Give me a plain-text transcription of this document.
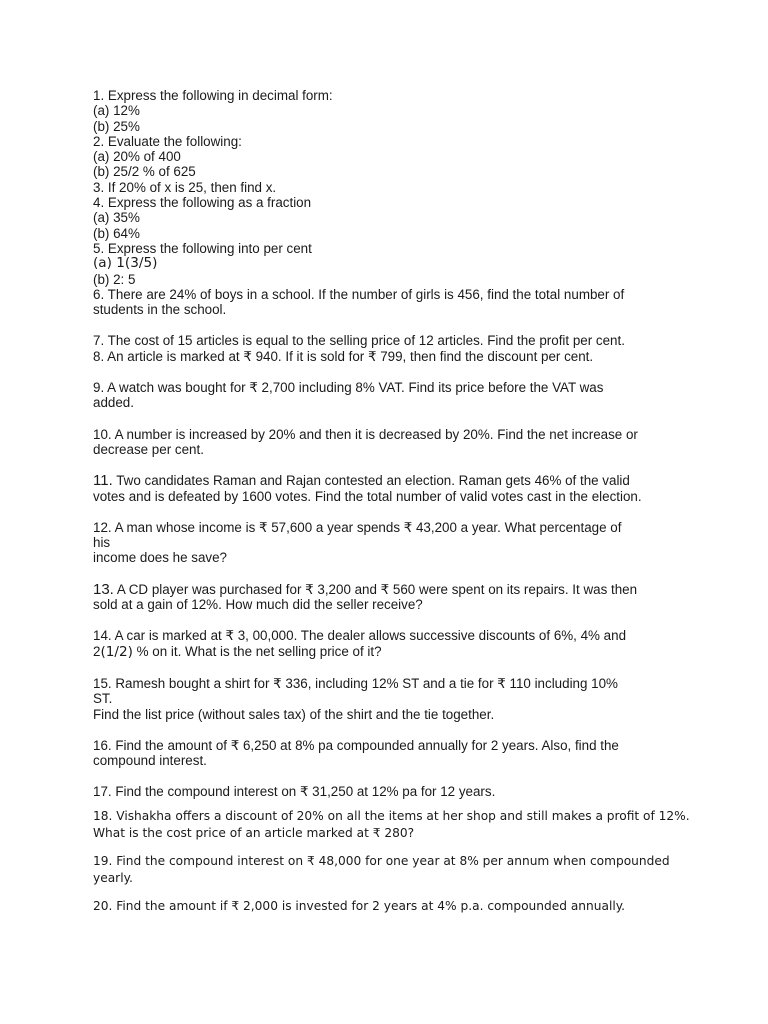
1. Express the following in decimal form:
(a) 12%
(b) 25%
2. Evaluate the following:
(a) 20% of 400
(b) 25/2 % of 625
3. If 20% of x is 25, then find x.
4. Express the following as a fraction
(a) 35%
(b) 64%
5. Express the following into per cent
(a) 1(3/5)
(b) 2: 5
6. There are 24% of boys in a school. If the number of girls is 456, find the total number of
students in the school.
7. The cost of 15 articles is equal to the selling price of 12 articles. Find the profit per cent.
8. An article is marked at ₹ 940. If it is sold for ₹ 799, then find the discount per cent.
9. A watch was bought for ₹ 2,700 including 8% VAT. Find its price before the VAT was
added.
10. A number is increased by 20% and then it is decreased by 20%. Find the net increase or
decrease per cent.
11. Two candidates Raman and Rajan contested an election. Raman gets 46% of the valid
votes and is defeated by 1600 votes. Find the total number of valid votes cast in the election.
12. A man whose income is ₹ 57,600 a year spends ₹ 43,200 a year. What percentage of
his
income does he save?
13. A CD player was purchased for ₹ 3,200 and ₹ 560 were spent on its repairs. It was then
sold at a gain of 12%. How much did the seller receive?
14. A car is marked at ₹ 3, 00,000. The dealer allows successive discounts of 6%, 4% and
2(1/2) % on it. What is the net selling price of it?
15. Ramesh bought a shirt for ₹ 336, including 12% ST and a tie for ₹ 110 including 10%
ST.
Find the list price (without sales tax) of the shirt and the tie together.
16. Find the amount of ₹ 6,250 at 8% pa compounded annually for 2 years. Also, find the
compound interest.
17. Find the compound interest on ₹ 31,250 at 12% pa for 12 years.
18. Vishakha offers a discount of 20% on all the items at her shop and still makes a profit of 12%.
What is the cost price of an article marked at ₹ 280?
19. Find the compound interest on ₹ 48,000 for one year at 8% per annum when compounded
yearly.
20. Find the amount if ₹ 2,000 is invested for 2 years at 4% p.a. compounded annually.
